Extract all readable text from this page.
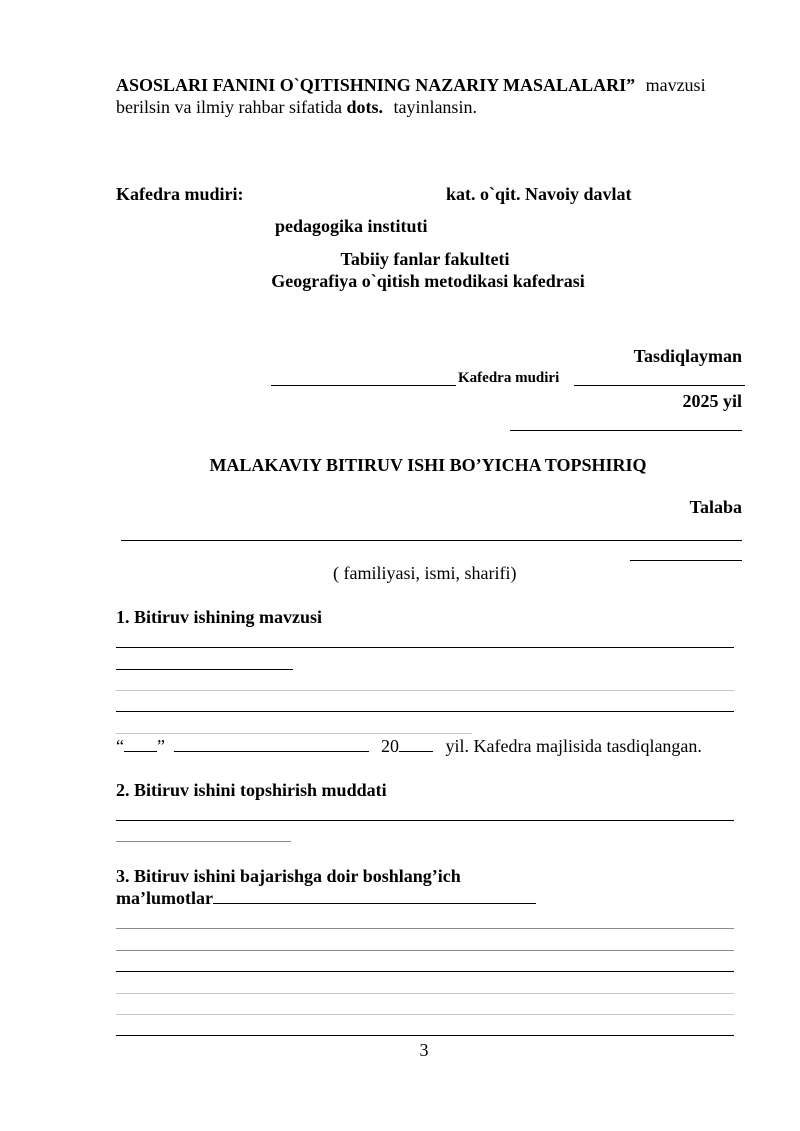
ASOSLARI FANINI O`QITISHNING NAZARIY MASALALARI” mavzusi
berilsin va ilmiy rahbar sifatida dots. tayinlansin.
Kafedra mudiri:	kat. o`qit. Navoiy davlat
pedagogika instituti
Tabiiy fanlar fakulteti
Geografiya o`qitish metodikasi kafedrasi
Tasdiqlayman
Kafedra mudiri
2025 yil
MALAKAVIY BITIRUV ISHI BO’YICHA TOPSHIRIQ
Talaba
( familiyasi, ismi, sharifi)
1. Bitiruv ishining mavzusi
“ ”	20	yil. Kafedra majlisida tasdiqlangan.
2. Bitiruv ishini topshirish muddati
3. Bitiruv ishini bajarishga doir boshlang’ich
ma’lumotlar
3
